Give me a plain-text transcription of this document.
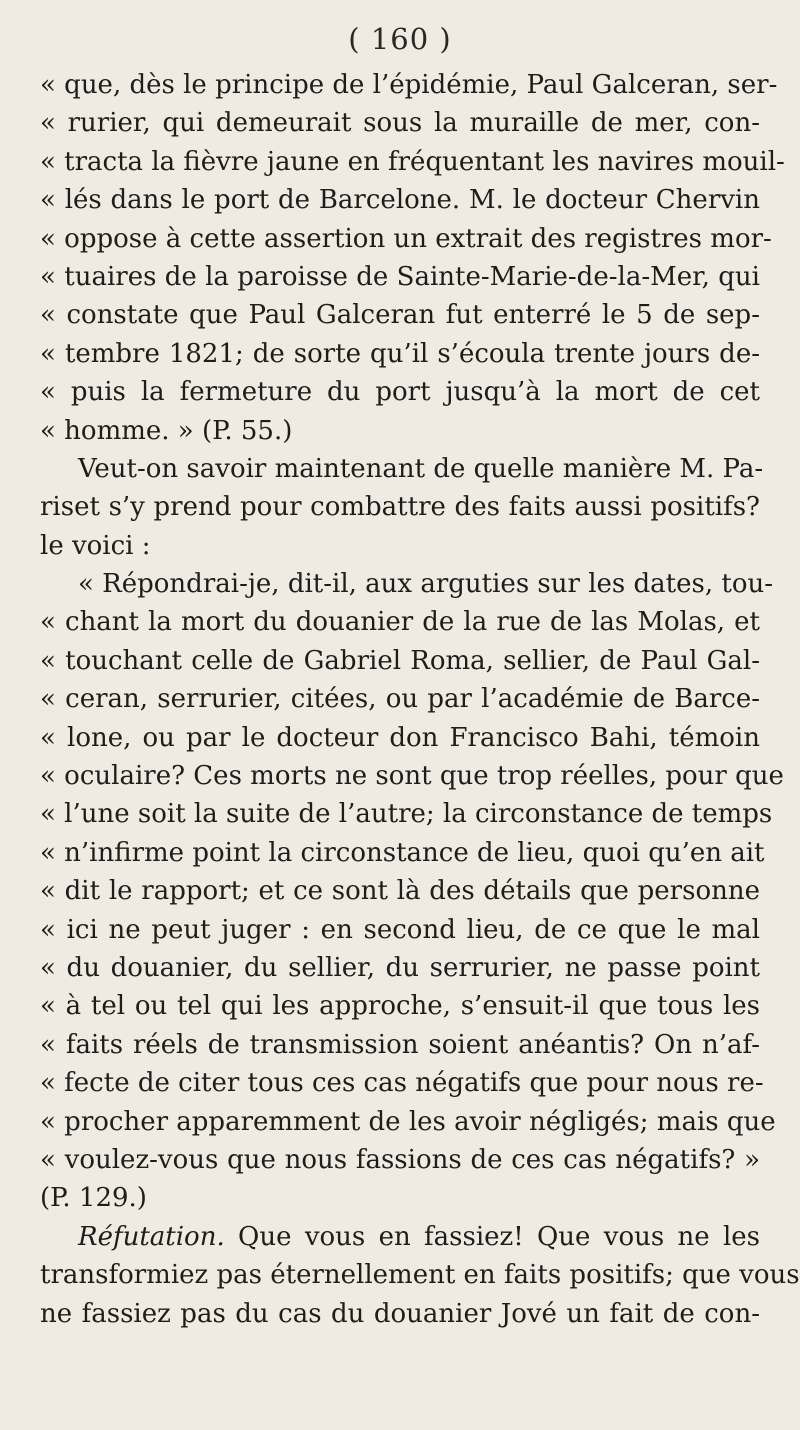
( 160 )
« que, dès le principe de l’épidémie, Paul Galceran, ser-
« rurier, qui demeurait sous la muraille de mer, con-
« tracta la fièvre jaune en fréquentant les navires mouil-
« lés dans le port de Barcelone. M. le docteur Chervin
« oppose à cette assertion un extrait des registres mor-
« tuaires de la paroisse de Sainte-Marie-de-la-Mer, qui
« constate que Paul Galceran fut enterré le 5 de sep-
« tembre 1821; de sorte qu’il s’écoula trente jours de-
« puis la fermeture du port jusqu’à la mort de cet
« homme. » (P. 55.)
Veut-on savoir maintenant de quelle manière M. Pa-
riset s’y prend pour combattre des faits aussi positifs?
le voici :
« Répondrai-je, dit-il, aux arguties sur les dates, tou-
« chant la mort du douanier de la rue de las Molas, et
« touchant celle de Gabriel Roma, sellier, de Paul Gal-
« ceran, serrurier, citées, ou par l’académie de Barce-
« lone, ou par le docteur don Francisco Bahi, témoin
« oculaire? Ces morts ne sont que trop réelles, pour que
« l’une soit la suite de l’autre; la circonstance de temps
« n’infirme point la circonstance de lieu, quoi qu’en ait
« dit le rapport; et ce sont là des détails que personne
« ici ne peut juger : en second lieu, de ce que le mal
« du douanier, du sellier, du serrurier, ne passe point
« à tel ou tel qui les approche, s’ensuit-il que tous les
« faits réels de transmission soient anéantis? On n’af-
« fecte de citer tous ces cas négatifs que pour nous re-
« procher apparemment de les avoir négligés; mais que
« voulez-vous que nous fassions de ces cas négatifs? »
(P. 129.)
Réfutation. Que vous en fassiez! Que vous ne les
transformiez pas éternellement en faits positifs; que vous
ne fassiez pas du cas du douanier Jové un fait de con-
